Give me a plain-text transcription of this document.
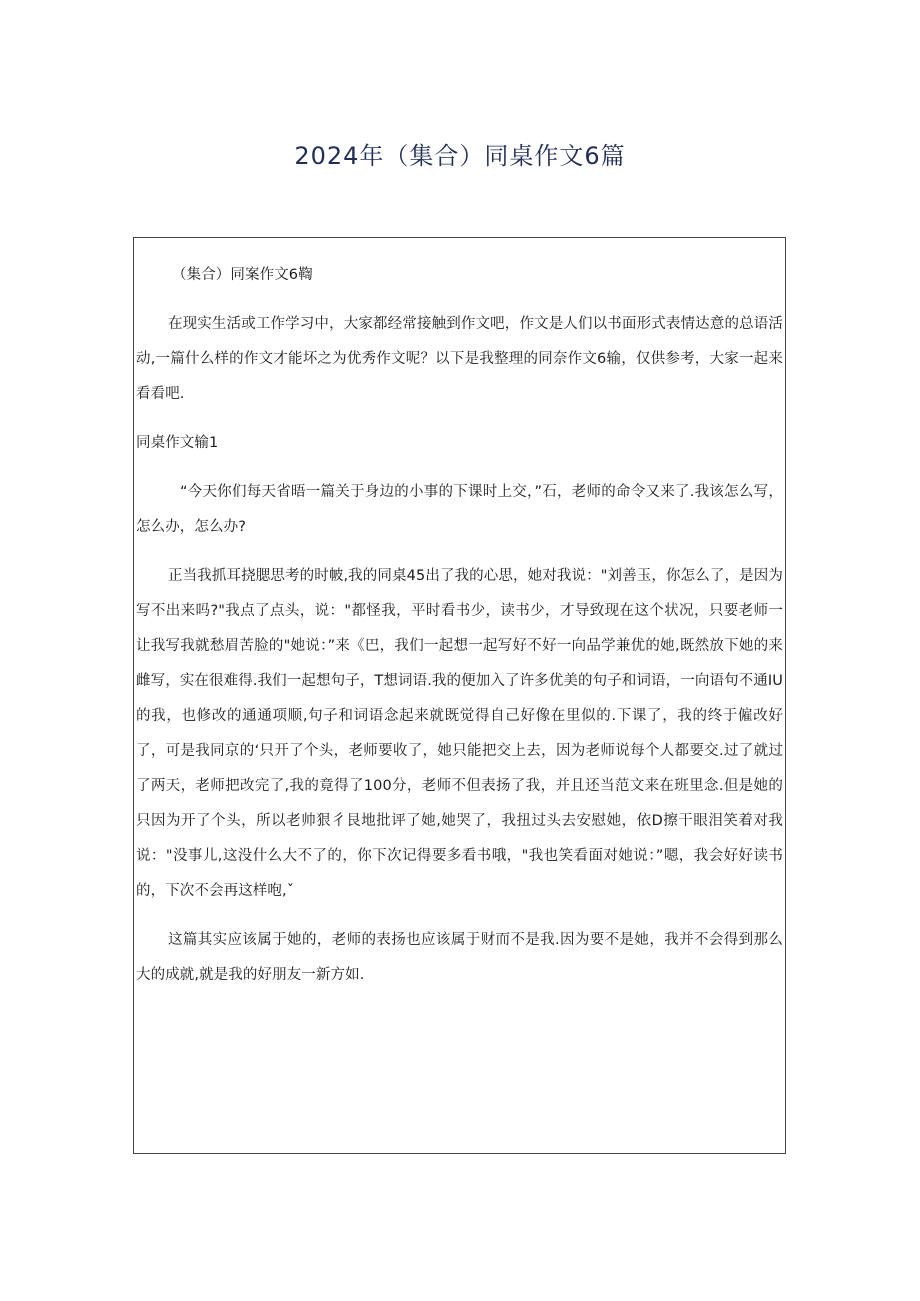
2024年（集合）同桌作文6篇

（集合）同案作文6鞫

在现实生活或工作学习中，大家都经常接触到作文吧，作文是人们以书面形式表情达意的总语活动,一篇什么样的作文才能坏之为优秀作文呢？以下是我整理的同奈作文6输，仅供参考，大家一起来看看吧.

同桌作文输1

“今天你们每天省晤一篇关于身边的小事的下课时上交，”石，老师的命令又来了.我该怎么写，怎么办，怎么办?

正当我抓耳挠腮思考的时帔,我的同桌45出了我的心思，她对我说："刘善玉，你怎么了，是因为写不出来吗?"我点了点头，说："都怪我，平时看书少，读书少，才导致现在这个状况，只要老师一让我写我就愁眉苦脸的"她说：”来《巴，我们一起想一起写好不好一向品学兼优的她,既然放下她的来雌写，实在很难得.我们一起想句子，T想词语.我的便加入了许多优美的句子和词语，一向语句不通IU的我，也修改的通通项顺,句子和词语念起来就既觉得自己好像在里似的.下课了，我的终于僱改好了，可是我同京的‘只开了个头，老师要收了，她只能把交上去，因为老师说每个人都要交.过了就过了两天，老师把改完了,我的竟得了100分，老师不但表扬了我，并且还当范文来在班里念.但是她的只因为开了个头，所以老帅狠彳艮地批评了她,她哭了，我扭过头去安慰她，依D擦干眼泪笑着对我说："没事儿,这没什么大不了的，你下次记得要多看书哦，"我也笑看面对她说：”嗯，我会好好读书的，下次不会再这样咆,ˇ

这篇其实应该属于她的，老师的表扬也应该属于财而不是我.因为要不是她，我并不会得到那么大的成就,就是我的好朋友一新方如.
